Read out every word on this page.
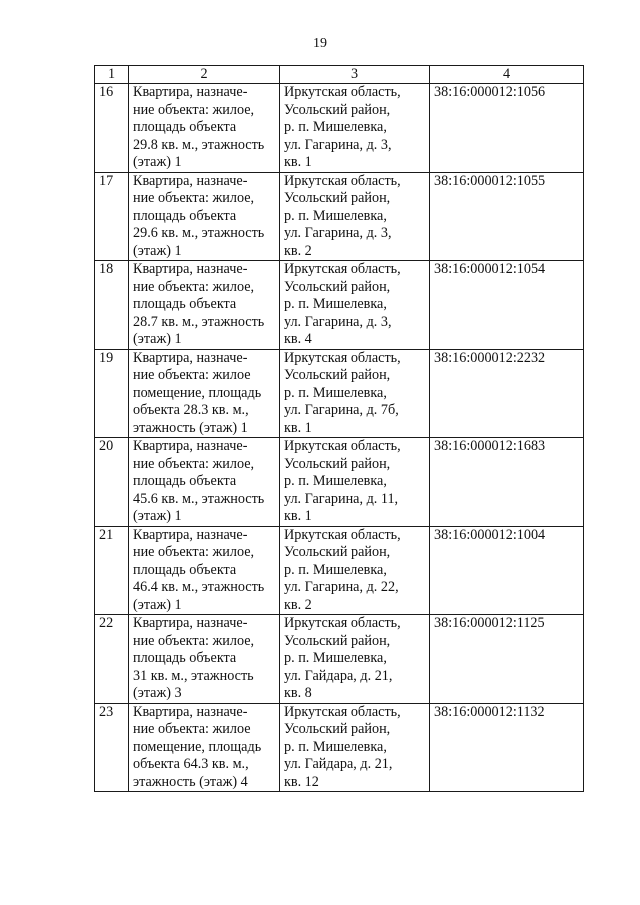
19
1	2	3	4
16	Квартира, назначе-
ние объекта: жилое,
площадь объекта
29.8 кв. м., этажность
(этаж) 1	Иркутская область,
Усольский район,
р. п. Мишелевка,
ул. Гагарина, д. 3,
кв. 1	38:16:000012:1056
17	Квартира, назначе-
ние объекта: жилое,
площадь объекта
29.6 кв. м., этажность
(этаж) 1	Иркутская область,
Усольский район,
р. п. Мишелевка,
ул. Гагарина, д. 3,
кв. 2	38:16:000012:1055
18	Квартира, назначе-
ние объекта: жилое,
площадь объекта
28.7 кв. м., этажность
(этаж) 1	Иркутская область,
Усольский район,
р. п. Мишелевка,
ул. Гагарина, д. 3,
кв. 4	38:16:000012:1054
19	Квартира, назначе-
ние объекта: жилое
помещение, площадь
объекта 28.3 кв. м.,
этажность (этаж) 1	Иркутская область,
Усольский район,
р. п. Мишелевка,
ул. Гагарина, д. 7б,
кв. 1	38:16:000012:2232
20	Квартира, назначе-
ние объекта: жилое,
площадь объекта
45.6 кв. м., этажность
(этаж) 1	Иркутская область,
Усольский район,
р. п. Мишелевка,
ул. Гагарина, д. 11,
кв. 1	38:16:000012:1683
21	Квартира, назначе-
ние объекта: жилое,
площадь объекта
46.4 кв. м., этажность
(этаж) 1	Иркутская область,
Усольский район,
р. п. Мишелевка,
ул. Гагарина, д. 22,
кв. 2	38:16:000012:1004
22	Квартира, назначе-
ние объекта: жилое,
площадь объекта
31 кв. м., этажность
(этаж) 3	Иркутская область,
Усольский район,
р. п. Мишелевка,
ул. Гайдара, д. 21,
кв. 8	38:16:000012:1125
23	Квартира, назначе-
ние объекта: жилое
помещение, площадь
объекта 64.3 кв. м.,
этажность (этаж) 4	Иркутская область,
Усольский район,
р. п. Мишелевка,
ул. Гайдара, д. 21,
кв. 12	38:16:000012:1132
